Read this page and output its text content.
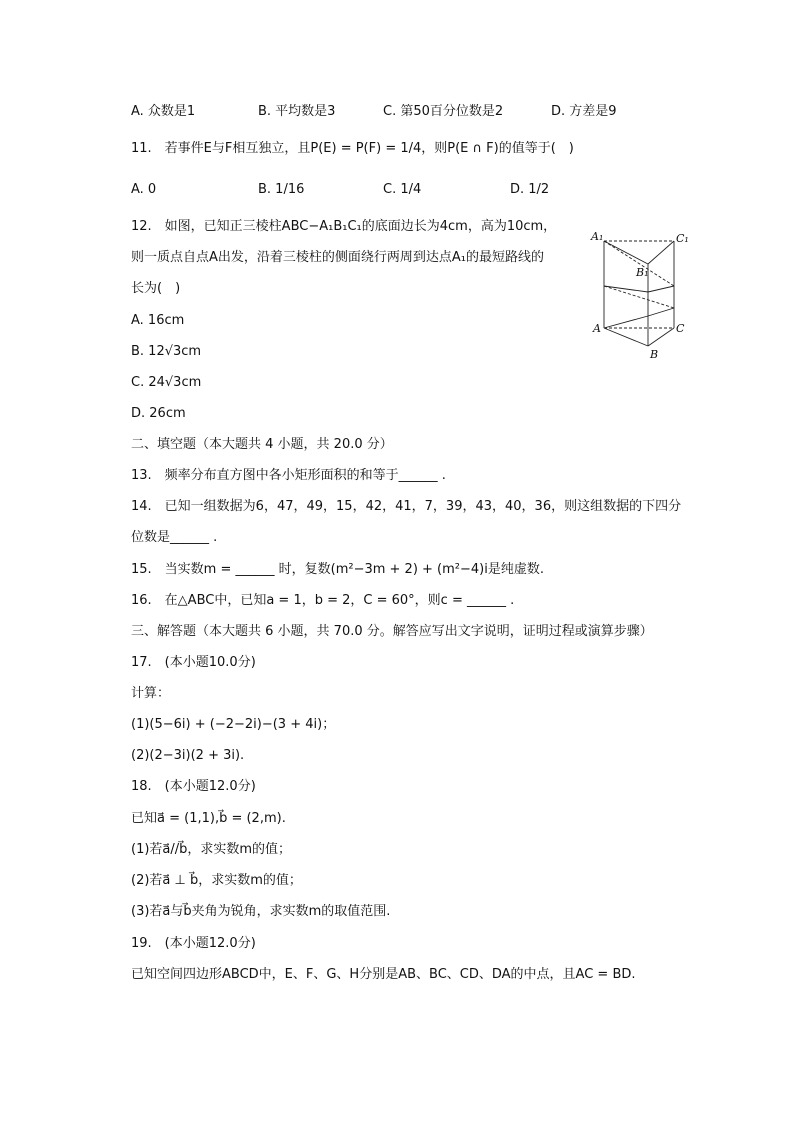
A. 众数是1	B. 平均数是3	C. 第50百分位数是2	D. 方差是9
11.　若事件E与F相互独立，且P(E) = P(F) = 1/4，则P(E ∩ F)的值等于(　)
A. 0	B. 1/16	C. 1/4	D. 1/2
12.　如图，已知正三棱柱ABC−A₁B₁C₁的底面边长为4cm，高为10cm，
则一质点自点A出发，沿着三棱柱的侧面绕行两周到达点A₁的最短路线的
长为(　)
A. 16cm
B. 12√3cm
C. 24√3cm
D. 26cm
A₁	C₁
B₁
A	C
B
二、填空题（本大题共 4 小题，共 20.0 分）
13.　频率分布直方图中各小矩形面积的和等于______ .
14.　已知一组数据为6，47，49，15，42，41，7，39，43，40，36，则这组数据的下四分
位数是______ .
15.　当实数m = ______ 时，复数(m²−3m + 2) + (m²−4)i是纯虚数.
16.　在△ABC中，已知a = 1，b = 2，C = 60°，则c = ______ .
三、解答题（本大题共 6 小题，共 70.0 分。解答应写出文字说明，证明过程或演算步骤）
17.　(本小题10.0分)
计算：
(1)(5−6i) + (−2−2i)−(3 + 4i)；
(2)(2−3i)(2 + 3i).
18.　(本小题12.0分)
已知a⃗ = (1,1),b⃗ = (2,m).
(1)若a⃗//b⃗，求实数m的值；
(2)若a⃗ ⊥ b⃗，求实数m的值；
(3)若a⃗与b⃗夹角为锐角，求实数m的取值范围.
19.　(本小题12.0分)
已知空间四边形ABCD中，E、F、G、H分别是AB、BC、CD、DA的中点，且AC = BD.
